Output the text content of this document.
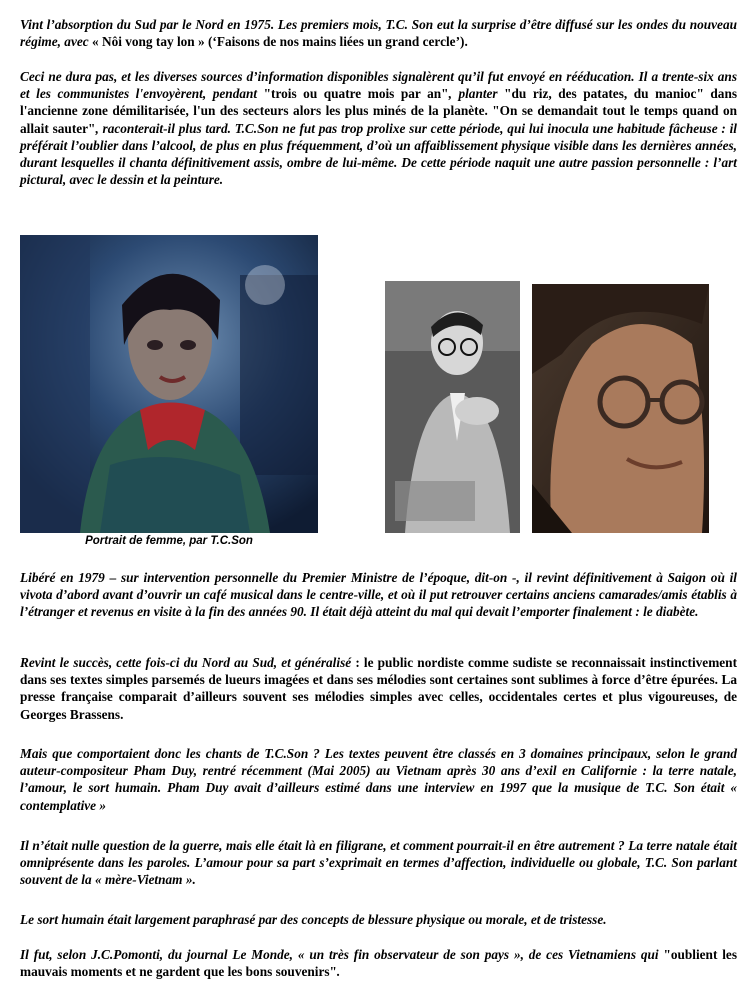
Vint l’absorption du Sud par le Nord en 1975. Les premiers mois, T.C. Son eut la surprise d’être diffusé sur les ondes du nouveau régime, avec « Nôi vong tay lon » (‘Faisons de nos mains liées un grand cercle’).

Ceci ne dura pas, et les diverses sources d’information disponibles signalèrent qu’il fut envoyé en rééducation. Il a trente-six ans et les communistes l'envoyèrent, pendant "trois ou quatre mois par an", planter "du riz, des patates, du manioc" dans l'ancienne zone démilitarisée, l'un des secteurs alors les plus minés de la planète. "On se demandait tout le temps quand on allait sauter", raconterait-il plus tard. T.C.Son ne fut pas trop prolixe sur cette période, qui lui inocula une habitude fâcheuse : il préférait l’oublier dans l’alcool, de plus en plus fréquemment, d’où un affaiblissement physique visible dans les dernières années, durant lesquelles il chanta définitivement assis, ombre de lui-même. De cette période naquit une autre passion personnelle : l’art pictural, avec le dessin et la peinture.

Portrait de femme, par T.C.Son

Libéré en 1979 – sur intervention personnelle du Premier Ministre de l’époque, dit-on -, il revint définitivement à Saigon où il vivota d’abord avant d’ouvrir un café musical dans le centre-ville, et où il put retrouver certains anciens camarades/amis établis à l’étranger et revenus en visite à la fin des années 90. Il était déjà atteint du mal qui devait l’emporter finalement : le diabète.

Revint le succès, cette fois-ci du Nord au Sud, et généralisé : le public nordiste comme sudiste se reconnaissait instinctivement dans ses textes simples parsemés de lueurs imagées et dans ses mélodies sont certaines sont sublimes à force d’être épurées. La presse française comparait d’ailleurs souvent ses mélodies simples avec celles, occidentales certes et plus vigoureuses, de Georges Brassens.

Mais que comportaient donc les chants de T.C.Son ? Les textes peuvent être classés en 3 domaines principaux, selon le grand auteur-compositeur Pham Duy, rentré récemment (Mai 2005) au Vietnam après 30 ans d’exil en Californie : la terre natale, l’amour, le sort humain. Pham Duy avait d’ailleurs estimé dans une interview en 1997 que la musique de T.C. Son était « contemplative »

Il n’était nulle question de la guerre, mais elle était là en filigrane, et comment pourrait-il en être autrement ? La terre natale était omniprésente dans les paroles. L’amour pour sa part s’exprimait en termes d’affection, individuelle ou globale, T.C. Son parlant souvent de la « mère-Vietnam ».

Le sort humain était largement paraphrasé par des concepts de blessure physique ou morale, et de tristesse.

Il fut, selon J.C.Pomonti, du journal Le Monde, « un très fin observateur de son pays », de ces Vietnamiens qui "oublient les mauvais moments et ne gardent que les bons souvenirs".
